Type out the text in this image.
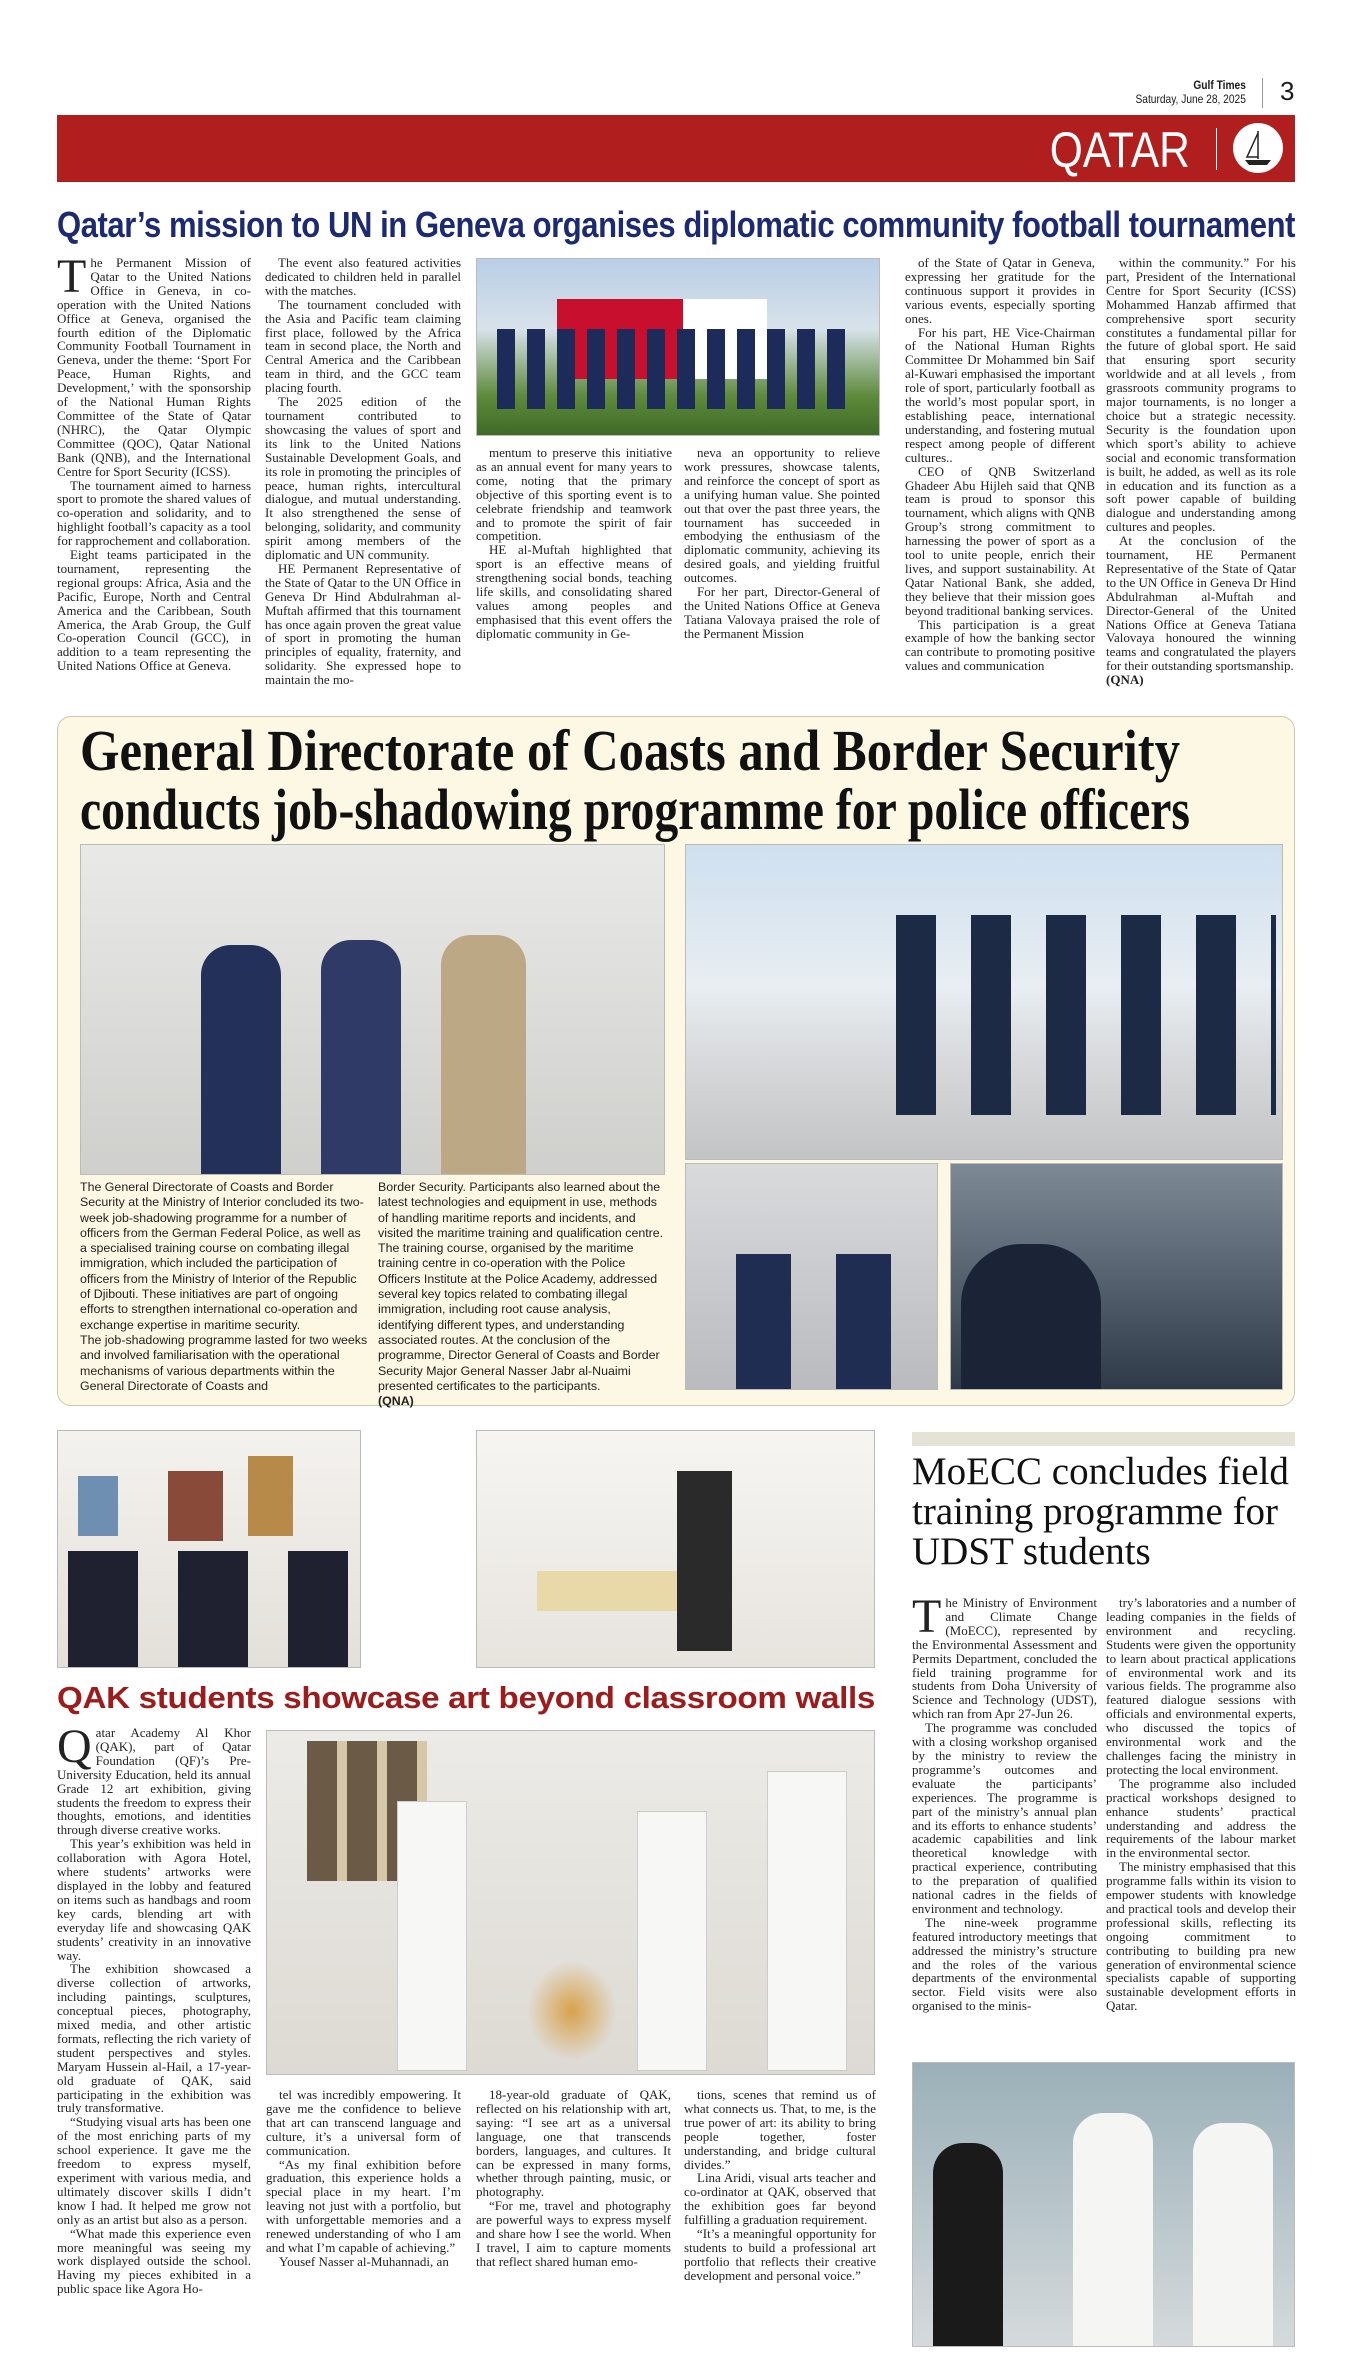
Gulf Times
Saturday, June 28, 2025 3
QATAR
Qatar’s mission to UN in Geneva organises diplomatic community football tournament

The Permanent Mission of Qatar to the United Nations Office in Geneva, in co-operation with the United Nations Office at Geneva, organised the fourth edition of the Diplomatic Community Football Tournament in Geneva, under the theme: ‘Sport For Peace, Human Rights, and Development,’ with the sponsorship of the National Human Rights Committee of the State of Qatar (NHRC), the Qatar Olympic Committee (QOC), Qatar National Bank (QNB), and the International Centre for Sport Security (ICSS).

The tournament aimed to harness sport to promote the shared values of co-operation and solidarity, and to highlight football’s capacity as a tool for rapprochement and collaboration.

Eight teams participated in the tournament, representing the regional groups: Africa, Asia and the Pacific, Europe, North and Central America and the Caribbean, South America, the Arab Group, the Gulf Co-operation Council (GCC), in addition to a team representing the United Nations Office at Geneva.

The event also featured activities dedicated to children held in parallel with the matches.

The tournament concluded with the Asia and Pacific team claiming first place, followed by the Africa team in second place, the North and Central America and the Caribbean team in third, and the GCC team placing fourth.

The 2025 edition of the tournament contributed to showcasing the values of sport and its link to the United Nations Sustainable Development Goals, and its role in promoting the principles of peace, human rights, intercultural dialogue, and mutual understanding. It also strengthened the sense of belonging, solidarity, and community spirit among members of the diplomatic and UN community.

HE Permanent Representative of the State of Qatar to the UN Office in Geneva Dr Hind Abdulrahman al-Muftah affirmed that this tournament has once again proven the great value of sport in promoting the human principles of equality, fraternity, and solidarity. She expressed hope to maintain the mo-

mentum to preserve this initiative as an annual event for many years to come, noting that the primary objective of this sporting event is to celebrate friendship and teamwork and to promote the spirit of fair competition.

HE al-Muftah highlighted that sport is an effective means of strengthening social bonds, teaching life skills, and consolidating shared values among peoples and emphasised that this event offers the diplomatic community in Ge-

neva an opportunity to relieve work pressures, showcase talents, and reinforce the concept of sport as a unifying human value. She pointed out that over the past three years, the tournament has succeeded in embodying the enthusiasm of the diplomatic community, achieving its desired goals, and yielding fruitful outcomes.

For her part, Director-General of the United Nations Office at Geneva Tatiana Valovaya praised the role of the Permanent Mission

of the State of Qatar in Geneva, expressing her gratitude for the continuous support it provides in various events, especially sporting ones.

For his part, HE Vice-Chairman of the National Human Rights Committee Dr Mohammed bin Saif al-Kuwari emphasised the important role of sport, particularly football as the world’s most popular sport, in establishing peace, international understanding, and fostering mutual respect among people of different cultures..

CEO of QNB Switzerland Ghadeer Abu Hijleh said that QNB team is proud to sponsor this tournament, which aligns with QNB Group’s strong commitment to harnessing the power of sport as a tool to unite people, enrich their lives, and support sustainability. At Qatar National Bank, she added, they believe that their mission goes beyond traditional banking services.

This participation is a great example of how the banking sector can contribute to promoting positive values and communication

within the community.” For his part, President of the International Centre for Sport Security (ICSS) Mohammed Hanzab affirmed that comprehensive sport security constitutes a fundamental pillar for the future of global sport. He said that ensuring sport security worldwide and at all levels , from grassroots community programs to major tournaments, is no longer a choice but a strategic necessity. Security is the foundation upon which sport’s ability to achieve social and economic transformation is built, he added, as well as its role in education and its function as a soft power capable of building dialogue and understanding among cultures and peoples.

At the conclusion of the tournament, HE Permanent Representative of the State of Qatar to the UN Office in Geneva Dr Hind Abdulrahman al-Muftah and Director-General of the United Nations Office at Geneva Tatiana Valovaya honoured the winning teams and congratulated the players for their outstanding sportsmanship.

(QNA)
General Directorate of Coasts and Border Security
conducts job-shadowing programme for police officers

The General Directorate of Coasts and Border Security at the Ministry of Interior concluded its two-week job-shadowing programme for a number of officers from the German Federal Police, as well as a specialised training course on combating illegal immigration, which included the participation of officers from the Ministry of Interior of the Republic of Djibouti. These initiatives are part of ongoing efforts to strengthen international co-operation and exchange expertise in maritime security.

The job-shadowing programme lasted for two weeks and involved familiarisation with the operational mechanisms of various departments within the General Directorate of Coasts and

Border Security. Participants also learned about the latest technologies and equipment in use, methods of handling maritime reports and incidents, and visited the maritime training and qualification centre.

The training course, organised by the maritime training centre in co-operation with the Police Officers Institute at the Police Academy, addressed several key topics related to combating illegal immigration, including root cause analysis, identifying different types, and understanding associated routes. At the conclusion of the programme, Director General of Coasts and Border Security Major General Nasser Jabr al-Nuaimi presented certificates to the participants.

(QNA)
QAK students showcase art beyond classroom walls

Qatar Academy Al Khor (QAK), part of Qatar Foundation (QF)’s Pre-University Education, held its annual Grade 12 art exhibition, giving students the freedom to express their thoughts, emotions, and identities through diverse creative works.

This year’s exhibition was held in collaboration with Agora Hotel, where students’ artworks were displayed in the lobby and featured on items such as handbags and room key cards, blending art with everyday life and showcasing QAK students’ creativity in an innovative way.

The exhibition showcased a diverse collection of artworks, including paintings, sculptures, conceptual pieces, photography, mixed media, and other artistic formats, reflecting the rich variety of student perspectives and styles. Maryam Hussein al-Hail, a 17-year-old graduate of QAK, said participating in the exhibition was truly transformative.

“Studying visual arts has been one of the most enriching parts of my school experience. It gave me the freedom to express myself, experiment with various media, and ultimately discover skills I didn’t know I had. It helped me grow not only as an artist but also as a person.

“What made this experience even more meaningful was seeing my work displayed outside the school. Having my pieces exhibited in a public space like Agora Ho-

tel was incredibly empowering. It gave me the confidence to believe that art can transcend language and culture, it’s a universal form of communication.

“As my final exhibition before graduation, this experience holds a special place in my heart. I’m leaving not just with a portfolio, but with unforgettable memories and a renewed understanding of who I am and what I’m capable of achieving.”

Yousef Nasser al-Muhannadi, an

18-year-old graduate of QAK, reflected on his relationship with art, saying: “I see art as a universal language, one that transcends borders, languages, and cultures. It can be expressed in many forms, whether through painting, music, or photography.

“For me, travel and photography are powerful ways to express myself and share how I see the world. When I travel, I aim to capture moments that reflect shared human emo-

tions, scenes that remind us of what connects us. That, to me, is the true power of art: its ability to bring people together, foster understanding, and bridge cultural divides.”

Lina Aridi, visual arts teacher and co-ordinator at QAK, observed that the exhibition goes far beyond fulfilling a graduation requirement.

“It’s a meaningful opportunity for students to build a professional art portfolio that reflects their creative development and personal voice.”

MoECC concludes field training programme for UDST students

The Ministry of Environment and Climate Change (MoECC), represented by the Environmental Assessment and Permits Department, concluded the field training programme for students from Doha University of Science and Technology (UDST), which ran from Apr 27-Jun 26.

The programme was concluded with a closing workshop organised by the ministry to review the programme’s outcomes and evaluate the participants’ experiences. The programme is part of the ministry’s annual plan and its efforts to enhance students’ academic capabilities and link theoretical knowledge with practical experience, contributing to the preparation of qualified national cadres in the fields of environment and technology.

The nine-week programme featured introductory meetings that addressed the ministry’s structure and the roles of the various departments of the environmental sector. Field visits were also organised to the minis-

try’s laboratories and a number of leading companies in the fields of environment and recycling. Students were given the opportunity to learn about practical applications of environmental work and its various fields. The programme also featured dialogue sessions with officials and environmental experts, who discussed the topics of environmental work and the challenges facing the ministry in protecting the local environment.

The programme also included practical workshops designed to enhance students’ practical understanding and address the requirements of the labour market in the environmental sector.

The ministry emphasised that this programme falls within its vision to empower students with knowledge and practical tools and develop their professional skills, reflecting its ongoing commitment to contributing to building pra new generation of environmental science specialists capable of supporting sustainable development efforts in Qatar.
